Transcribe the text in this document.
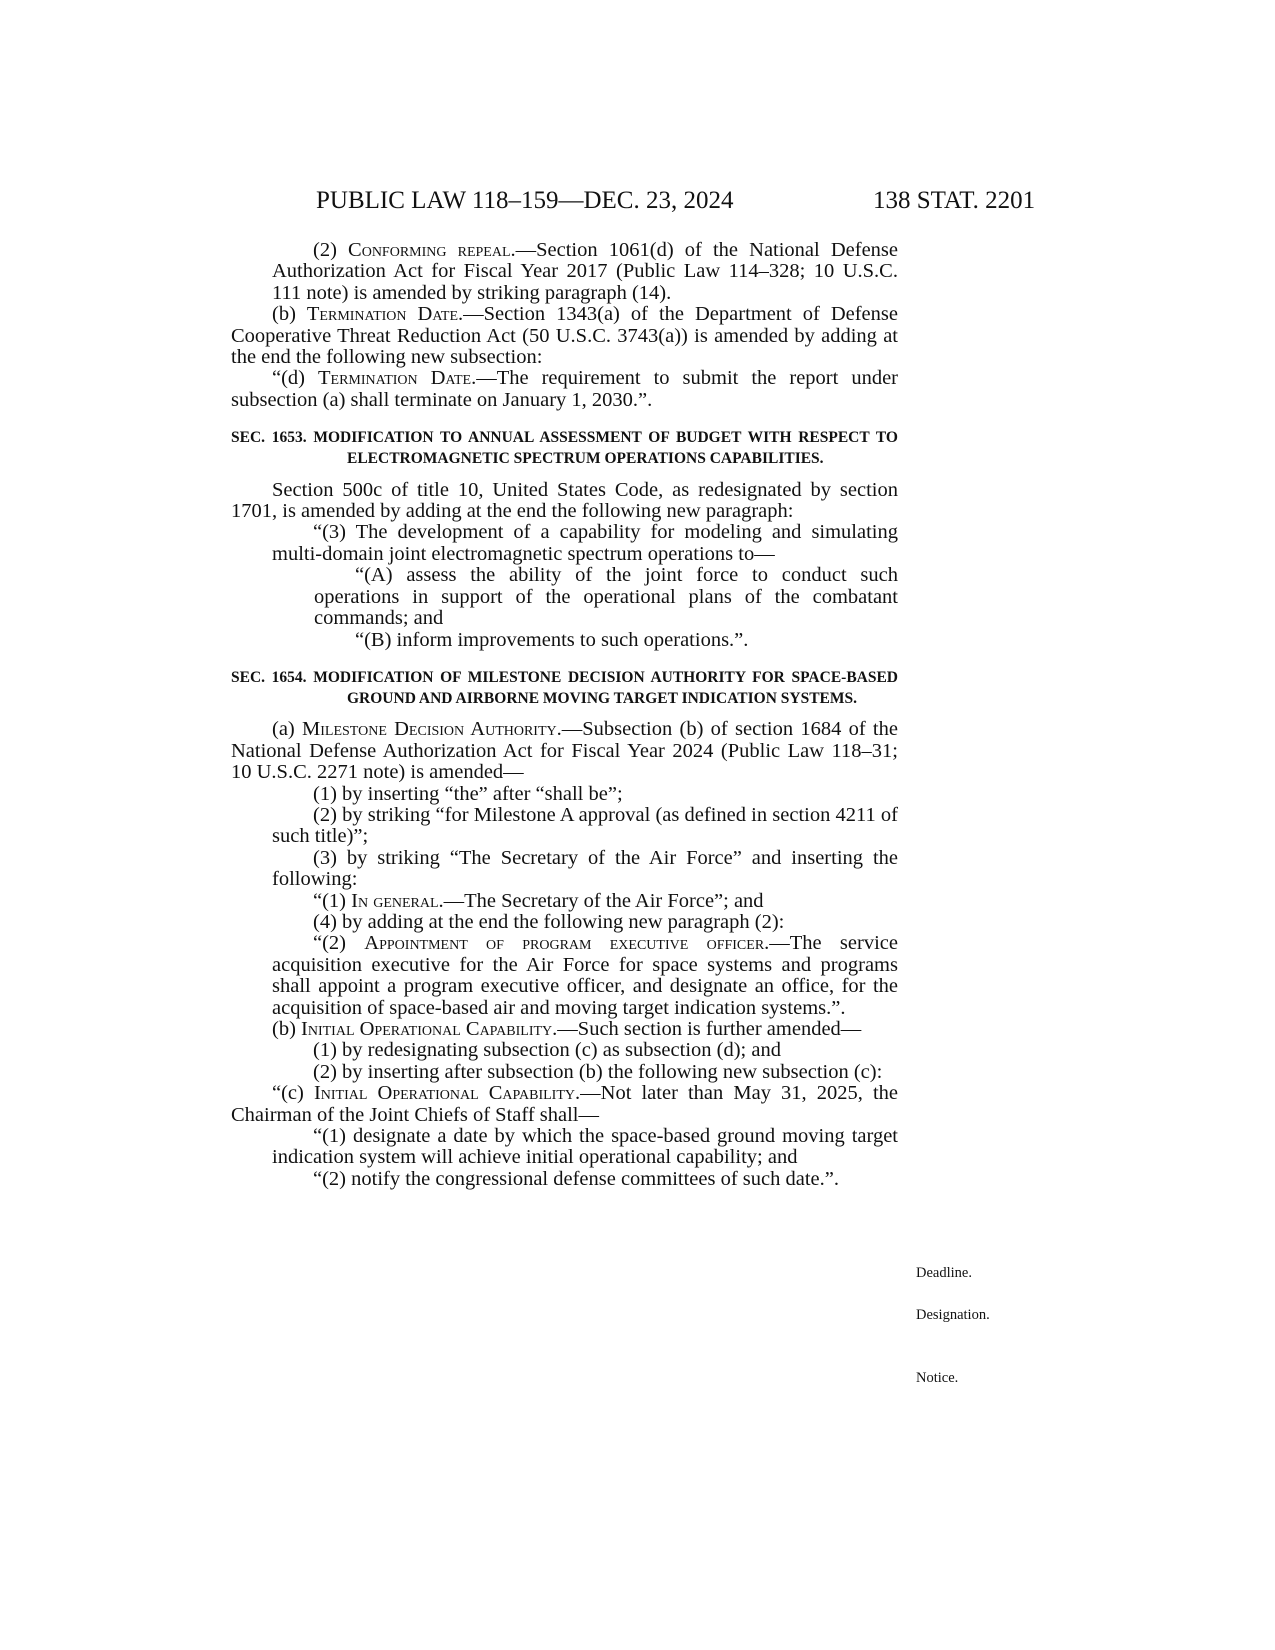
PUBLIC LAW 118–159—DEC. 23, 2024	138 STAT. 2201

(2) Conforming repeal.—Section 1061(d) of the National Defense Authorization Act for Fiscal Year 2017 (Public Law 114–328; 10 U.S.C. 111 note) is amended by striking paragraph (14).

(b) Termination Date.—Section 1343(a) of the Department of Defense Cooperative Threat Reduction Act (50 U.S.C. 3743(a)) is amended by adding at the end the following new subsection:

“(d) Termination Date.—The requirement to submit the report under subsection (a) shall terminate on January 1, 2030.”.

SEC. 1653. MODIFICATION TO ANNUAL ASSESSMENT OF BUDGET WITH RESPECT TO ELECTROMAGNETIC SPECTRUM OPERATIONS CAPABILITIES.

Section 500c of title 10, United States Code, as redesignated by section 1701, is amended by adding at the end the following new paragraph:

“(3) The development of a capability for modeling and simulating multi-domain joint electromagnetic spectrum operations to—

“(A) assess the ability of the joint force to conduct such operations in support of the operational plans of the combatant commands; and

“(B) inform improvements to such operations.”.

SEC. 1654. MODIFICATION OF MILESTONE DECISION AUTHORITY FOR SPACE-BASED GROUND AND AIRBORNE MOVING TARGET INDICATION SYSTEMS.

(a) Milestone Decision Authority.—Subsection (b) of section 1684 of the National Defense Authorization Act for Fiscal Year 2024 (Public Law 118–31; 10 U.S.C. 2271 note) is amended—

(1) by inserting “the” after “shall be”;

(2) by striking “for Milestone A approval (as defined in section 4211 of such title)”;

(3) by striking “The Secretary of the Air Force” and inserting the following:

“(1) In general.—The Secretary of the Air Force”; and

(4) by adding at the end the following new paragraph (2):

“(2) Appointment of program executive officer.—The service acquisition executive for the Air Force for space systems and programs shall appoint a program executive officer, and designate an office, for the acquisition of space-based air and moving target indication systems.”.

(b) Initial Operational Capability.—Such section is further amended—

(1) by redesignating subsection (c) as subsection (d); and

(2) by inserting after subsection (b) the following new subsection (c):

“(c) Initial Operational Capability.—Not later than May 31, 2025, the Chairman of the Joint Chiefs of Staff shall—

“(1) designate a date by which the space-based ground moving target indication system will achieve initial operational capability; and

“(2) notify the congressional defense committees of such date.”.

Deadline.
Designation.
Notice.
